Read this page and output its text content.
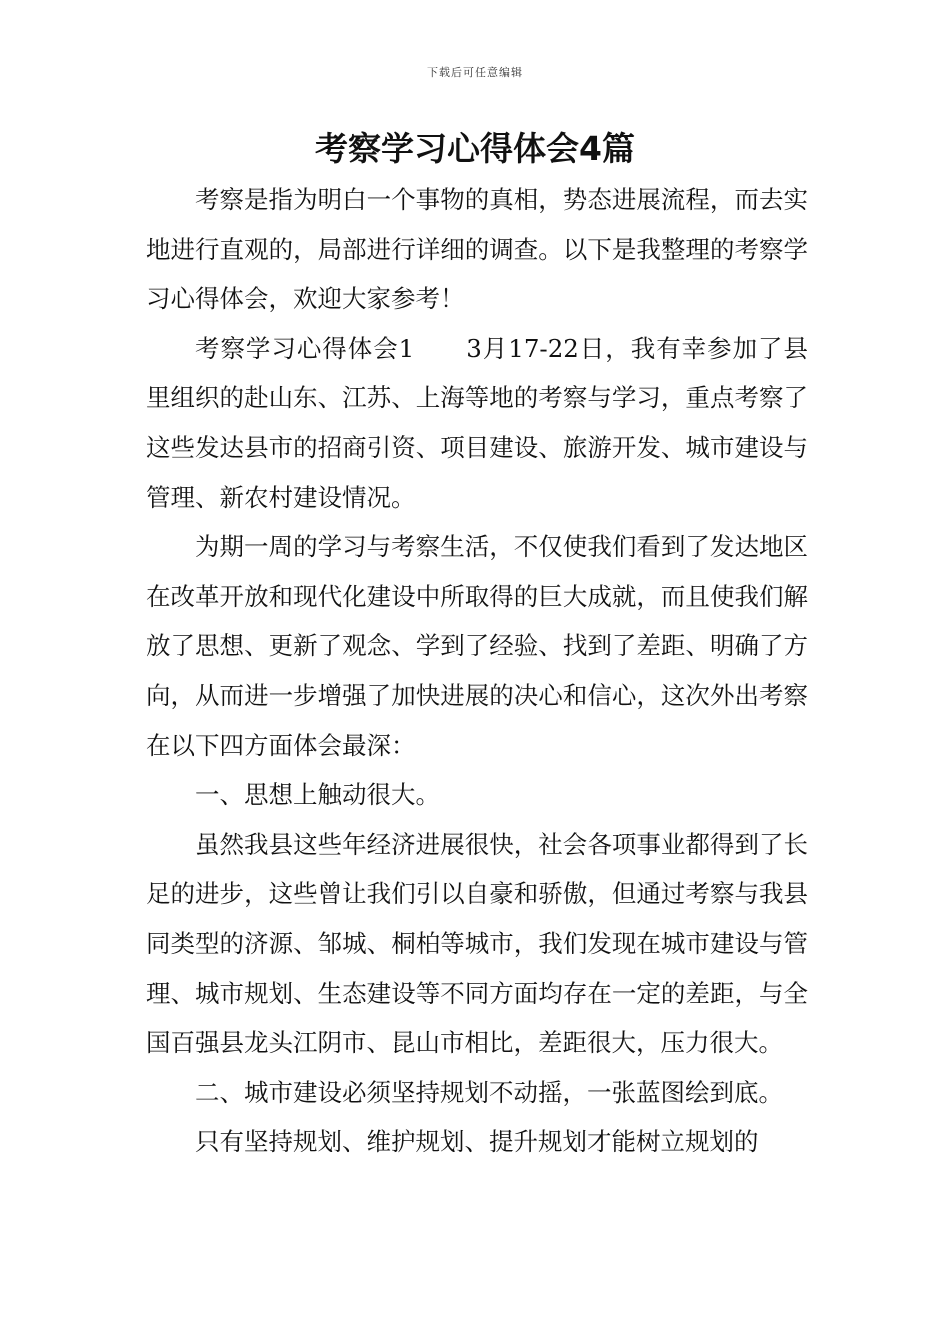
下载后可任意编辑
考察学习心得体会4篇

考察是指为明白一个事物的真相，势态进展流程，而去实地进行直观的，局部进行详细的调查。以下是我整理的考察学习心得体会，欢迎大家参考！

考察学习心得体会1 3月17-22日，我有幸参加了县里组织的赴山东、江苏、上海等地的考察与学习，重点考察了这些发达县市的招商引资、项目建设、旅游开发、城市建设与管理、新农村建设情况。

为期一周的学习与考察生活，不仅使我们看到了发达地区在改革开放和现代化建设中所取得的巨大成就，而且使我们解放了思想、更新了观念、学到了经验、找到了差距、明确了方向，从而进一步增强了加快进展的决心和信心，这次外出考察在以下四方面体会最深：

一、思想上触动很大。

虽然我县这些年经济进展很快，社会各项事业都得到了长足的进步，这些曾让我们引以自豪和骄傲，但通过考察与我县同类型的济源、邹城、桐柏等城市，我们发现在城市建设与管理、城市规划、生态建设等不同方面均存在一定的差距，与全国百强县龙头江阴市、昆山市相比，差距很大，压力很大。

二、城市建设必须坚持规划不动摇，一张蓝图绘到底。

只有坚持规划、维护规划、提升规划才能树立规划的
